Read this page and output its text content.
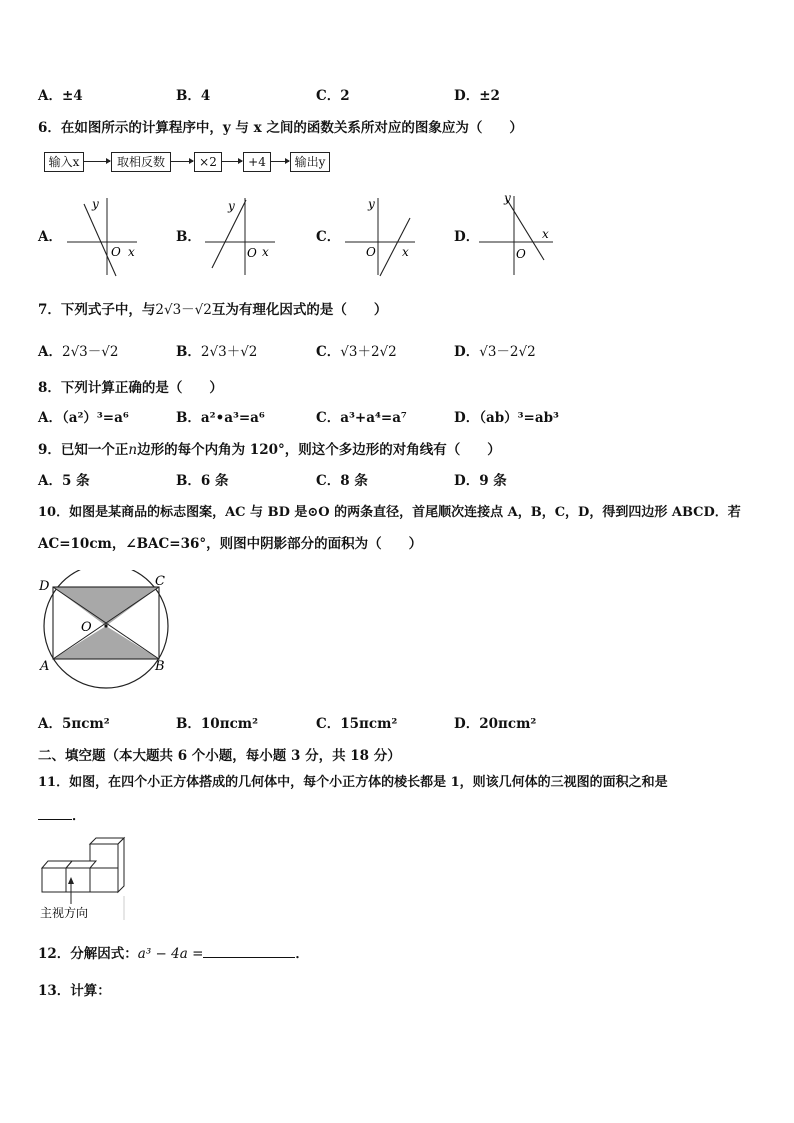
A．±4	B．4	C．2	D．±2
6．在如图所示的计算程序中，y 与 x 之间的函数关系所对应的图象应为（　　）
输入x	取相反数	×2	+4	输出y
A．	B．	C．	D．
y
O x
y
O x
y
O x
y
O
x
7．下列式子中，与2√3－√2互为有理化因式的是（　　）
A．2√3－√2	B．2√3＋√2	C．√3＋2√2	D．√3－2√2
8．下列计算正确的是（　　）
A．（a²）³=a⁶	B．a²•a³=a⁶	C．a³+a⁴=a⁷	D．（ab）³=ab³
9．已知一个正n边形的每个内角为 120°，则这个多边形的对角线有（　　）
A．5 条	B．6 条	C．8 条	D．9 条
10．如图是某商品的标志图案，AC 与 BD 是⊙O 的两条直径，首尾顺次连接点 A，B，C，D，得到四边形 ABCD．若
AC=10cm，∠BAC=36°，则图中阴影部分的面积为（　　）
D	C
A	B
O
A．5πcm²	B．10πcm²	C．15πcm²	D．20πcm²
二、填空题（本大题共 6 个小题，每小题 3 分，共 18 分）
11．如图，在四个小正方体搭成的几何体中，每个小正方体的棱长都是 1，则该几何体的三视图的面积之和是
．
主视方向
12．分解因式：a³ − 4a =	．
13．计算：
